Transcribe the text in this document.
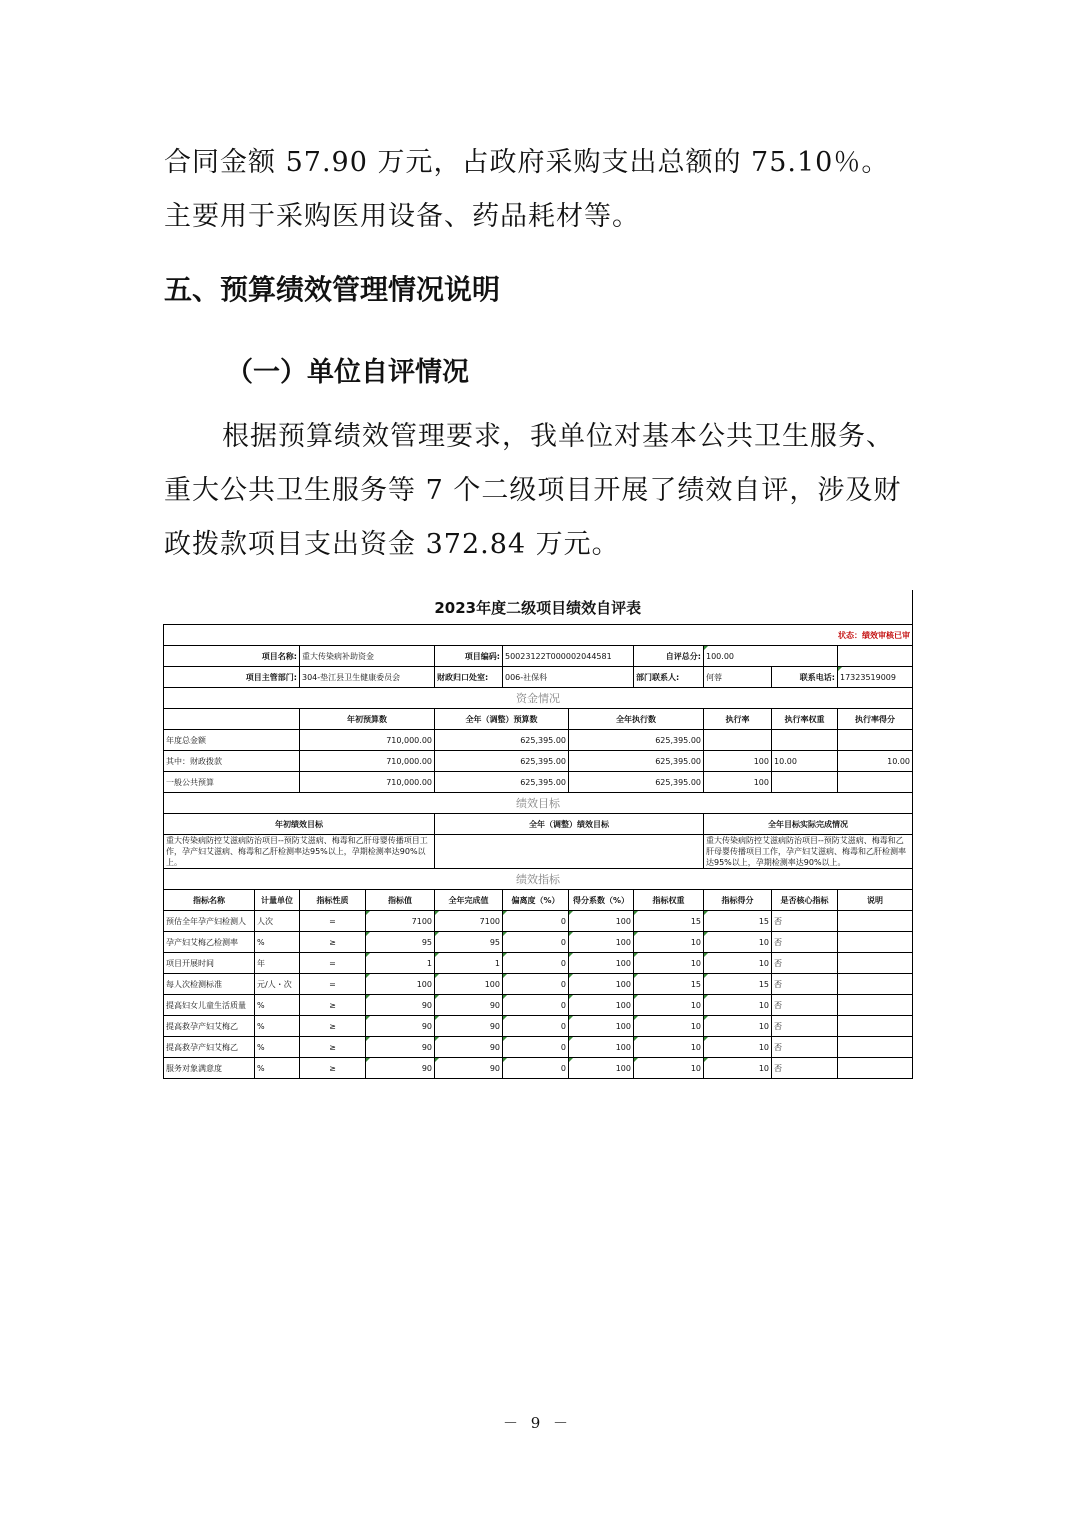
合同金额 57.90 万元，占政府采购支出总额的 75.10％。主要用于采购医用设备、药品耗材等。

五、预算绩效管理情况说明
（一）单位自评情况

根据预算绩效管理要求，我单位对基本公共卫生服务、重大公共卫生服务等 7 个二级项目开展了绩效自评，涉及财政拨款项目支出资金 372.84 万元。

2023年度二级项目绩效自评表										
状态：绩效审核已审										
项目名称:		重大传染病补助资金		项目编码:	50023122T000002044581		自评总分:	100.00		
项目主管部门:		304-垫江县卫生健康委员会		财政归口处室:	006-社保科		部门联系人:	何蓉	联系电话:	17323519009
资金情况										
		年初预算数		全年（调整）预算数		全年执行数		执行率	执行率权重	执行率得分
年度总金额		710,000.00		625,395.00		625,395.00				
其中：财政拨款		710,000.00		625,395.00		625,395.00		100	10.00	10.00
一般公共预算		710,000.00		625,395.00		625,395.00		100		
绩效目标										
年初绩效目标				全年（调整）绩效目标				全年目标实际完成情况		
重大传染病防控艾滋病防治项目--预防艾滋病、梅毒和乙肝母婴传播项目工作，孕产妇艾滋病、梅毒和乙肝检测率达95%以上，孕期检测率达90%以上。								重大传染病防控艾滋病防治项目--预防艾滋病、梅毒和乙肝母婴传播项目工作，孕产妇艾滋病、梅毒和乙肝检测率达95%以上，孕期检测率达90%以上。		
绩效指标										
指标名称	计量单位	指标性质	指标值	全年完成值	偏离度（%）	得分系数（%）	指标权重	指标得分	是否核心指标	说明
预估全年孕产妇检测人	人次	=	7100	7100	0	100	15	15	否	
孕产妇艾梅乙检测率	%	≥	95	95	0	100	10	10	否	
项目开展时间	年	=	1	1	0	100	10	10	否	
每人次检测标准	元/人・次	=	100	100	0	100	15	15	否	
提高妇女儿童生活质量	%	≥	90	90	0	100	10	10	否	
提高救孕产妇艾梅乙	%	≥	90	90	0	100	10	10	否	
提高救孕产妇艾梅乙	%	≥	90	90	0	100	10	10	否	
服务对象满意度	%	≥	90	90	0	100	10	10	否	
－ 9 －
